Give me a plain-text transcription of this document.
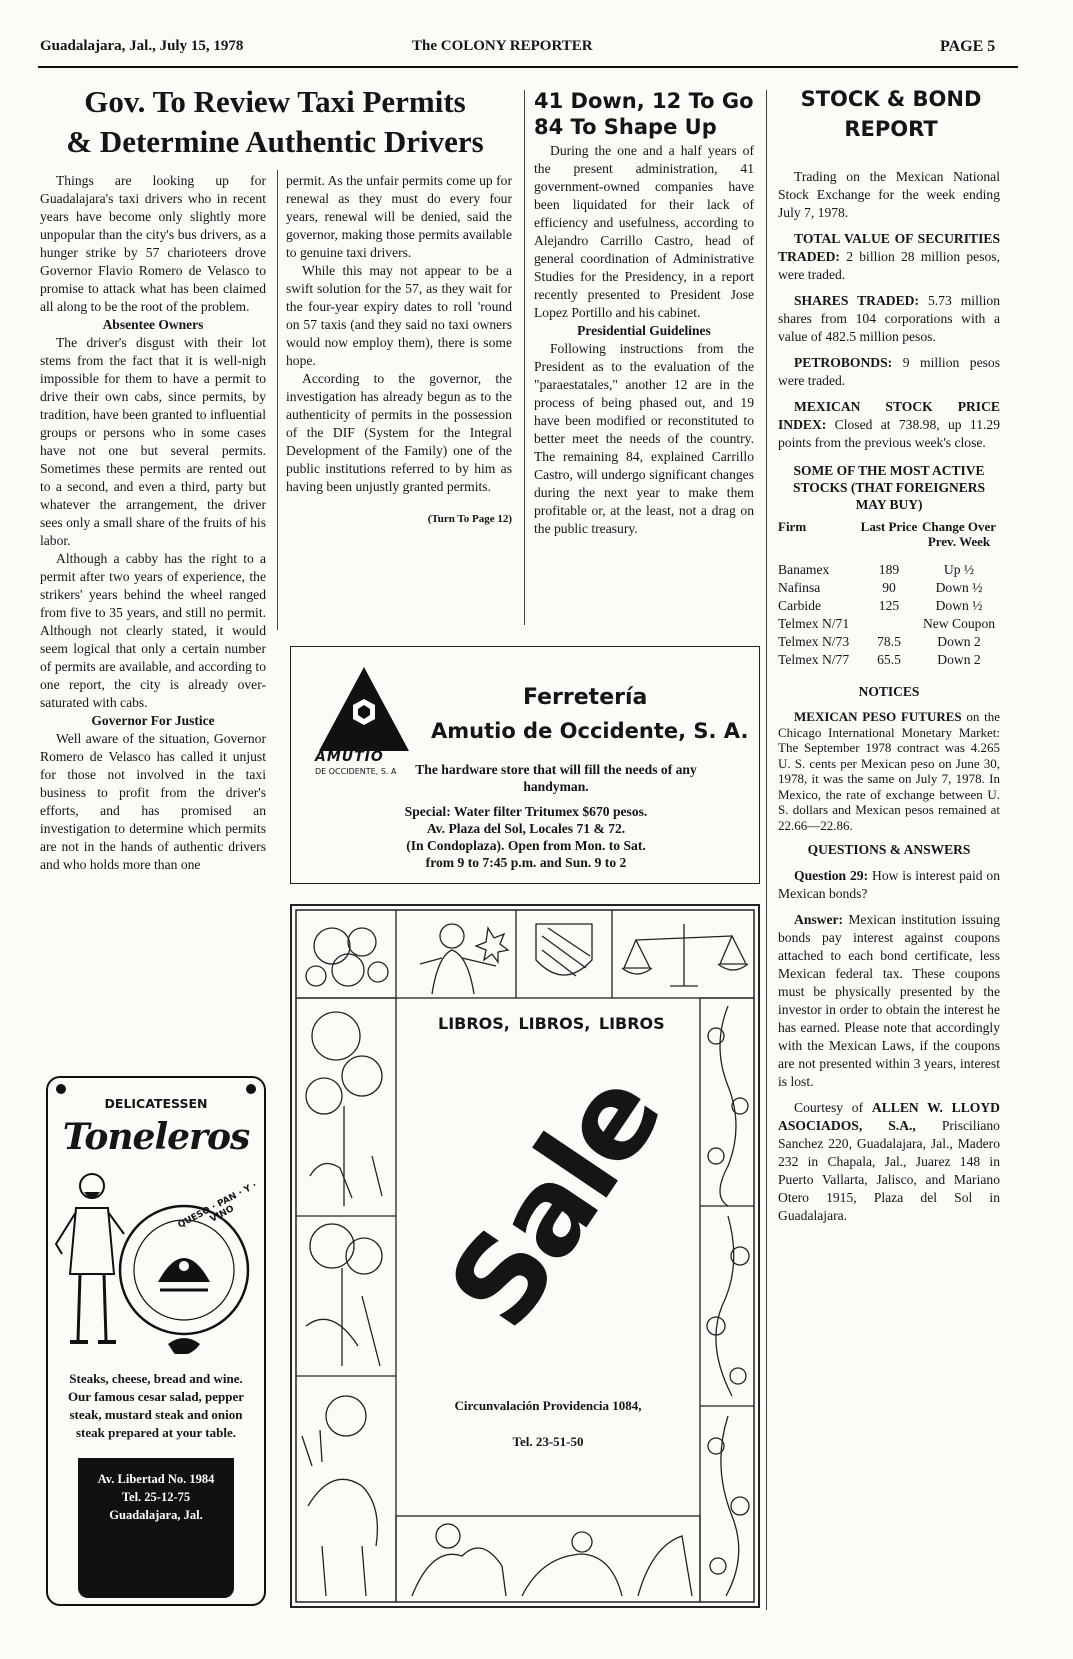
Guadalajara, Jal., July 15, 1978	The COLONY REPORTER	PAGE 5
Gov. To Review Taxi Permits
& Determine Authentic Drivers

Things are looking up for Guadalajara's taxi drivers who in recent years have become only slightly more unpopular than the city's bus drivers, as a hunger strike by 57 charioteers drove Governor Flavio Romero de Velasco to promise to attack what has been claimed all along to be the root of the problem.

Absentee Owners

The driver's disgust with their lot stems from the fact that it is well-nigh impossible for them to have a permit to drive their own cabs, since permits, by tradition, have been granted to influential groups or persons who in some cases have not one but several permits. Sometimes these permits are rented out to a second, and even a third, party but whatever the arrangement, the driver sees only a small share of the fruits of his labor.

Although a cabby has the right to a permit after two years of experience, the strikers' years behind the wheel ranged from five to 35 years, and still no permit. Although not clearly stated, it would seem logical that only a certain number of permits are available, and according to one report, the city is already over-saturated with cabs.

Governor For Justice

Well aware of the situation, Governor Romero de Velasco has called it unjust for those not involved in the taxi business to profit from the driver's efforts, and has promised an investigation to determine which permits are not in the hands of authentic drivers and who holds more than one

permit. As the unfair permits come up for renewal as they must do every four years, renewal will be denied, said the governor, making those permits available to genuine taxi drivers.

While this may not appear to be a swift solution for the 57, as they wait for the four-year expiry dates to roll 'round on 57 taxis (and they said no taxi owners would now employ them), there is some hope.

According to the governor, the investigation has already begun as to the authenticity of permits in the possession of the DIF (System for the Integral Development of the Family) one of the public institutions referred to by him as having been unjustly granted permits.

(Turn To Page 12)

41 Down, 12 To Go
84 To Shape Up

During the one and a half years of the present administration, 41 government-owned companies have been liquidated for their lack of efficiency and usefulness, according to Alejandro Carrillo Castro, head of general coordination of Administrative Studies for the Presidency, in a report recently presented to President Jose Lopez Portillo and his cabinet.

Presidential Guidelines

Following instructions from the President as to the evaluation of the "paraestatales," another 12 are in the process of being phased out, and 19 have been modified or reconstituted to better meet the needs of the country. The remaining 84, explained Carrillo Castro, will undergo significant changes during the next year to make them profitable or, at the least, not a drag on the public treasury.

AMUTIO
DE OCCIDENTE, S. A
Ferretería
Amutio de Occidente, S. A.
The hardware store that will fill the needs of any handyman.
Special: Water filter Tritumex $670 pesos.
Av. Plaza del Sol, Locales 71 & 72.
(In Condoplaza). Open from Mon. to Sat.
from 9 to 7:45 p.m. and Sun. 9 to 2
LIBROS, LIBROS, LIBROS
Sale
Circunvalación Providencia 1084,
Tel. 23-51-50
DELICATESSEN
Toneleros
QUESO · PAN · Y · VINO
Steaks, cheese, bread and wine. Our famous cesar salad, pepper steak, mustard steak and onion steak prepared at your table.
Av. Libertad No. 1984
Tel. 25-12-75
Guadalajara, Jal.
STOCK & BOND
REPORT

Trading on the Mexican National Stock Exchange for the week ending July 7, 1978.

TOTAL VALUE OF SECURITIES TRADED: 2 billion 28 million pesos, were traded.

SHARES TRADED: 5.73 million shares from 104 corporations with a value of 482.5 million pesos.

PETROBONDS: 9 million pesos were traded.

MEXICAN STOCK PRICE INDEX: Closed at 738.98, up 11.29 points from the previous week's close.

SOME OF THE MOST ACTIVE STOCKS (THAT FOREIGNERS MAY BUY)

Firm	Last Price	Change Over Prev. Week

Banamex	189	Up ½
Nafinsa	90	Down ½
Carbide	125	Down ½
Telmex N/71		New Coupon
Telmex N/73	78.5	Down 2
Telmex N/77	65.5	Down 2

NOTICES

MEXICAN PESO FUTURES on the Chicago International Monetary Market: The September 1978 contract was 4.265 U. S. cents per Mexican peso on June 30, 1978, it was the same on July 7, 1978. In Mexico, the rate of exchange between U. S. dollars and Mexican pesos remained at 22.66—22.86.

QUESTIONS & ANSWERS

Question 29: How is interest paid on Mexican bonds?

Answer: Mexican institution issuing bonds pay interest against coupons attached to each bond certificate, less Mexican federal tax. These coupons must be physically presented by the investor in order to obtain the interest he has earned. Please note that accordingly with the Mexican Laws, if the coupons are not presented within 3 years, interest is lost.

Courtesy of ALLEN W. LLOYD ASOCIADOS, S.A., Prisciliano Sanchez 220, Guadalajara, Jal., Madero 232 in Chapala, Jal., Juarez 148 in Puerto Vallarta, Jalisco, and Mariano Otero 1915, Plaza del Sol in Guadalajara.
